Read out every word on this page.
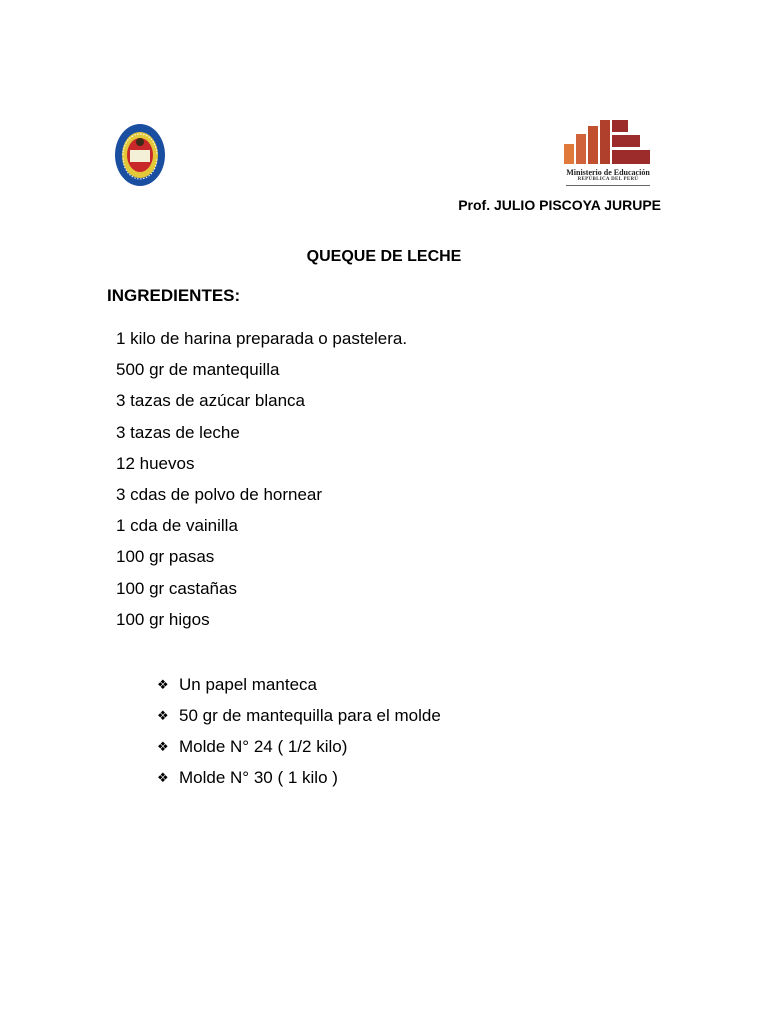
Ministerio de Educación
REPÚBLICA DEL PERÚ
Prof. JULIO PISCOYA JURUPE
QUEQUE DE LECHE
INGREDIENTES:
1 kilo de harina preparada o pastelera.
500 gr de mantequilla
3 tazas de azúcar blanca
3 tazas de leche
12 huevos
3 cdas de polvo de hornear
1 cda de vainilla
100 gr pasas
100 gr castañas
100 gr higos
❖ Un papel manteca
❖ 50 gr de mantequilla para el molde
❖ Molde N° 24 ( 1/2 kilo)
❖ Molde N° 30 ( 1 kilo )
